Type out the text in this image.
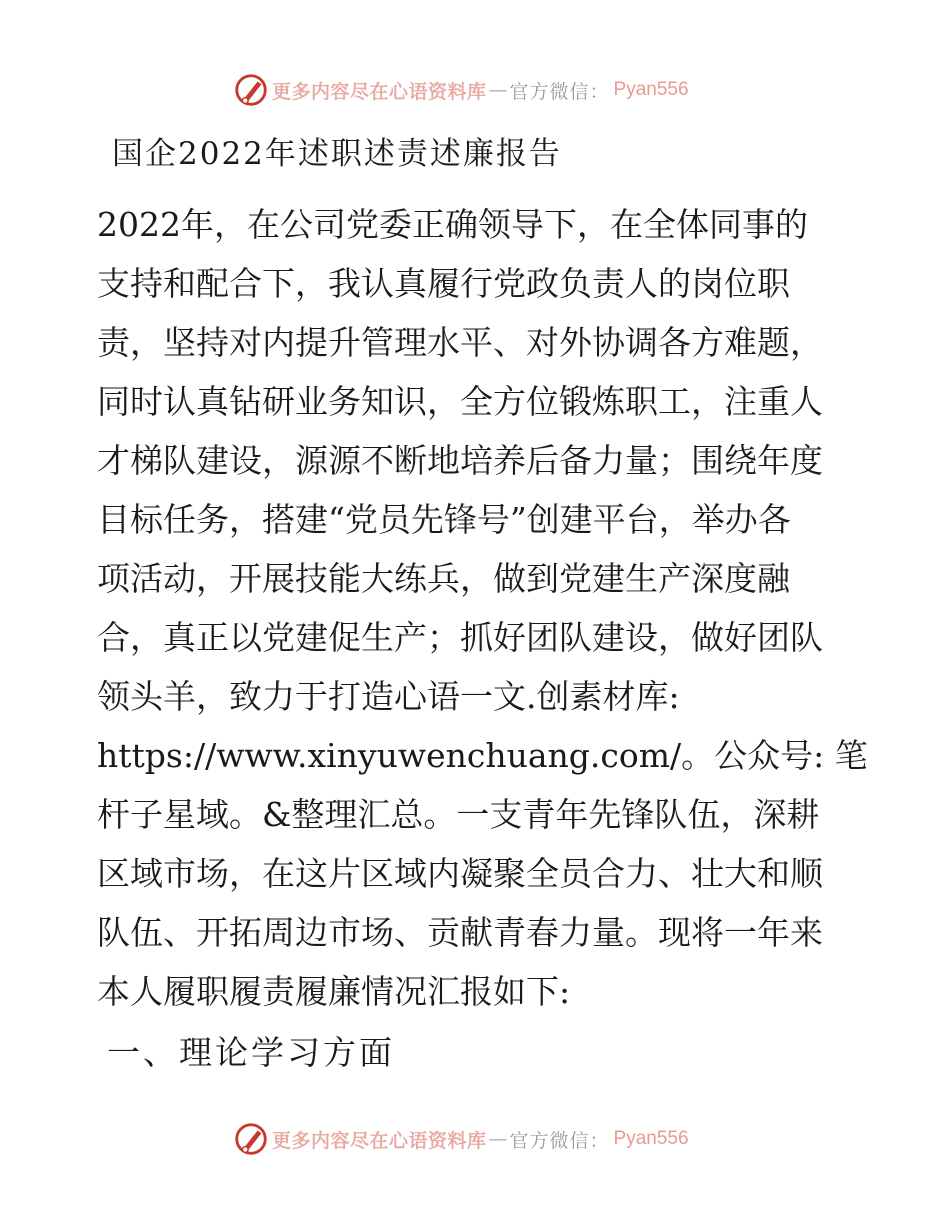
更多内容尽在心语资料库 — 官方微信： Pyan556
国企2022年述职述责述廉报告
2022年，在公司党委正确领导下，在全体同事的
支持和配合下，我认真履行党政负责人的岗位职
责，坚持对内提升管理水平、对外协调各方难题，
同时认真钻研业务知识，全方位锻炼职工，注重人
才梯队建设，源源不断地培养后备力量；围绕年度
目标任务，搭建“党员先锋号”创建平台，举办各
项活动，开展技能大练兵，做到党建生产深度融
合，真正以党建促生产；抓好团队建设，做好团队
领头羊，致力于打造心语一文.创素材库:
https://www.xinyuwenchuang.com/。公众号: 笔
杆子星域。&整理汇总。一支青年先锋队伍，深耕
区域市场，在这片区域内凝聚全员合力、壮大和顺
队伍、开拓周边市场、贡献青春力量。现将一年来
本人履职履责履廉情况汇报如下:
一、理论学习方面
更多内容尽在心语资料库 — 官方微信： Pyan556
